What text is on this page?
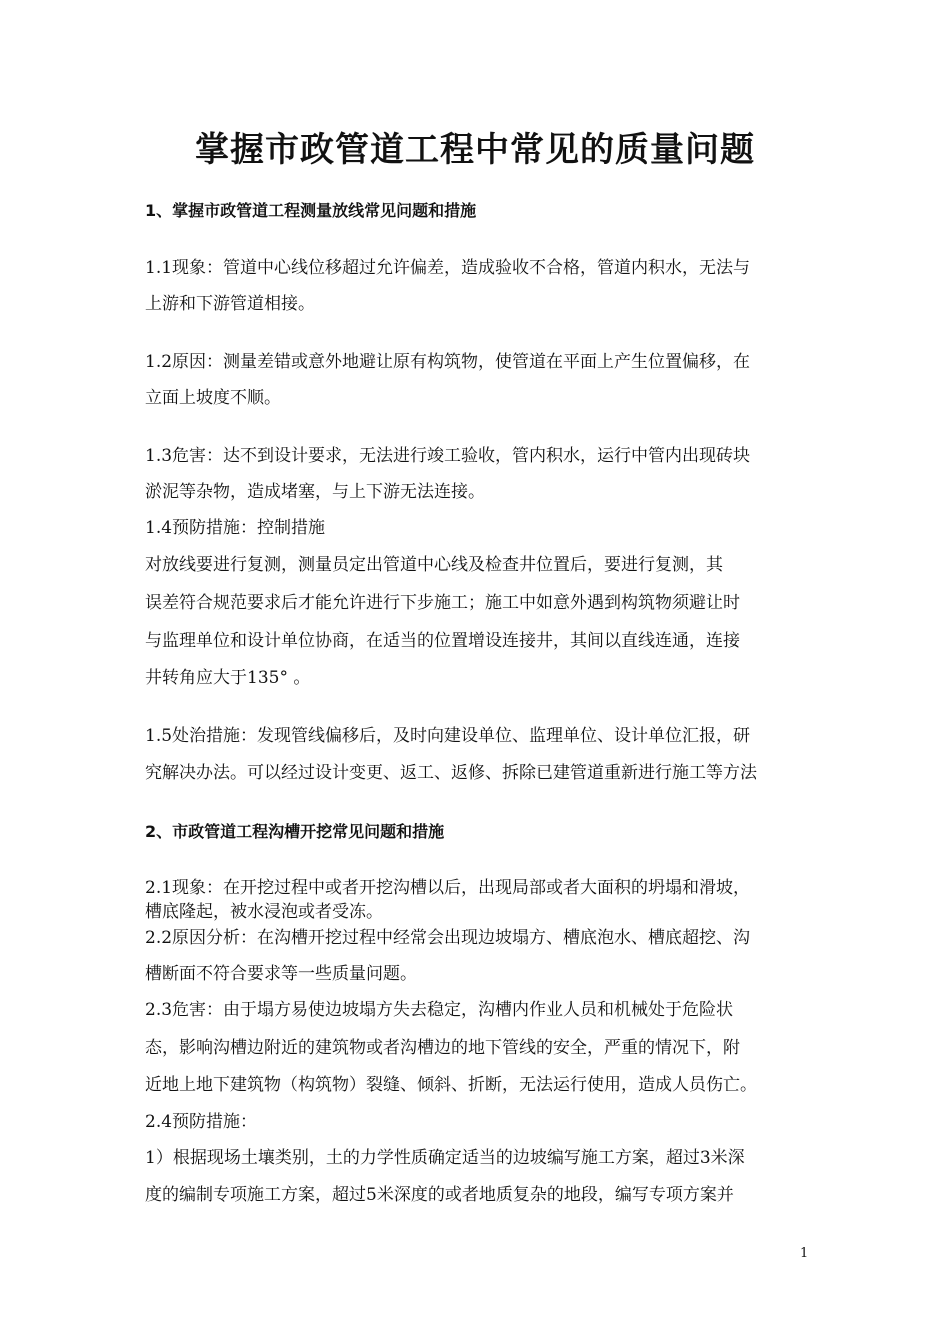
掌握市政管道工程中常见的质量问题
1、掌握市政管道工程测量放线常见问题和措施
1.1现象：管道中心线位移超过允许偏差，造成验收不合格，管道内积水，无法与
上游和下游管道相接。
1.2原因：测量差错或意外地避让原有构筑物，使管道在平面上产生位置偏移，在
立面上坡度不顺。
1.3危害：达不到设计要求，无法进行竣工验收，管内积水，运行中管内出现砖块
淤泥等杂物，造成堵塞，与上下游无法连接。
1.4预防措施：控制措施
对放线要进行复测，测量员定出管道中心线及检查井位置后，要进行复测，其
误差符合规范要求后才能允许进行下步施工；施工中如意外遇到构筑物须避让时
与监理单位和设计单位协商，在适当的位置增设连接井，其间以直线连通，连接
井转角应大于135° 。
1.5处治措施：发现管线偏移后，及时向建设单位、监理单位、设计单位汇报，研
究解决办法。可以经过设计变更、返工、返修、拆除已建管道重新进行施工等方法
2、市政管道工程沟槽开挖常见问题和措施
2.1现象：在开挖过程中或者开挖沟槽以后，出现局部或者大面积的坍塌和滑坡，
槽底隆起，被水浸泡或者受冻。
2.2原因分析：在沟槽开挖过程中经常会出现边坡塌方、槽底泡水、槽底超挖、沟
槽断面不符合要求等一些质量问题。
2.3危害：由于塌方易使边坡塌方失去稳定，沟槽内作业人员和机械处于危险状
态，影响沟槽边附近的建筑物或者沟槽边的地下管线的安全，严重的情况下，附
近地上地下建筑物（构筑物）裂缝、倾斜、折断，无法运行使用，造成人员伤亡。
2.4预防措施：
1）根据现场土壤类别，土的力学性质确定适当的边坡编写施工方案，超过3米深
度的编制专项施工方案，超过5米深度的或者地质复杂的地段，编写专项方案并
1
